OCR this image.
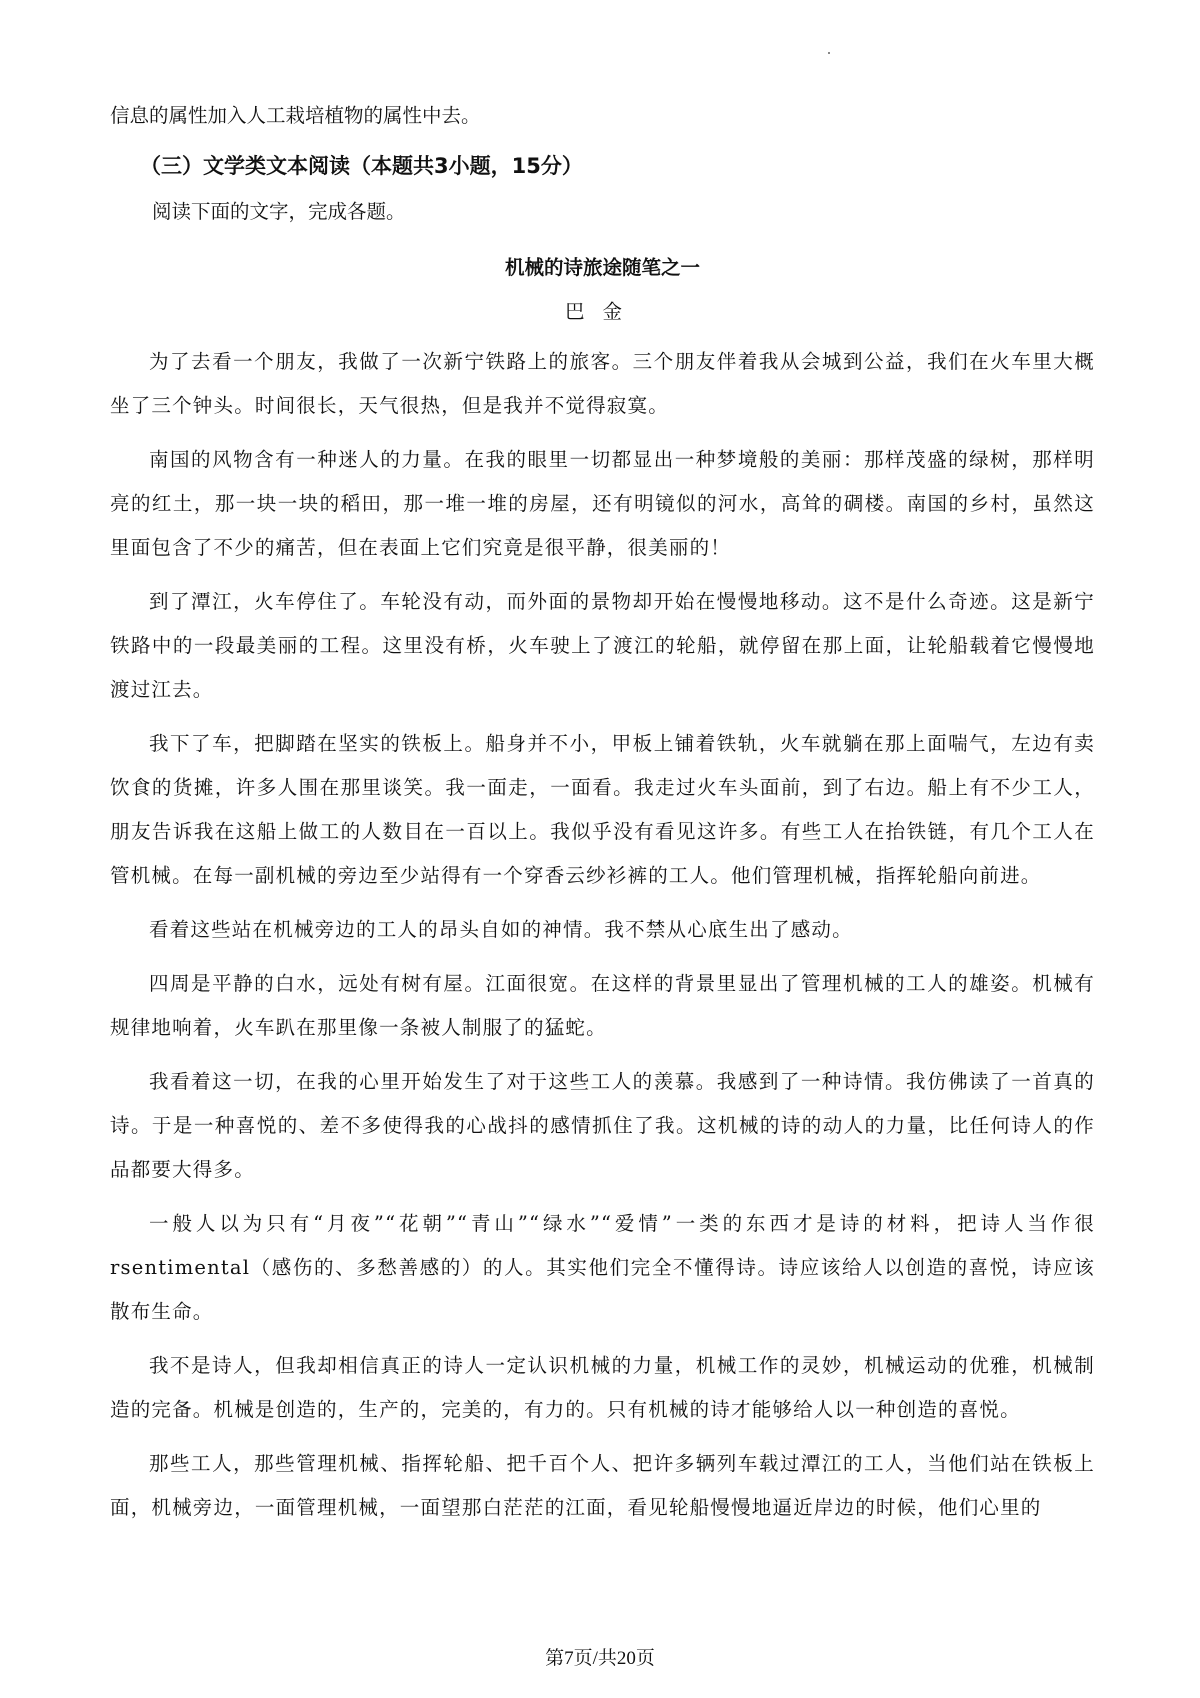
信息的属性加入人工栽培植物的属性中去。

（三）文学类文本阅读（本题共3小题，15分）

阅读下面的文字，完成各题。

机械的诗旅途随笔之一

巴金

为了去看一个朋友，我做了一次新宁铁路上的旅客。三个朋友伴着我从会城到公益，我们在火车里大概坐了三个钟头。时间很长，天气很热，但是我并不觉得寂寞。

南国的风物含有一种迷人的力量。在我的眼里一切都显出一种梦境般的美丽：那样茂盛的绿树，那样明亮的红土，那一块一块的稻田，那一堆一堆的房屋，还有明镜似的河水，高耸的碉楼。南国的乡村，虽然这里面包含了不少的痛苦，但在表面上它们究竟是很平静，很美丽的！

到了潭江，火车停住了。车轮没有动，而外面的景物却开始在慢慢地移动。这不是什么奇迹。这是新宁铁路中的一段最美丽的工程。这里没有桥，火车驶上了渡江的轮船，就停留在那上面，让轮船载着它慢慢地渡过江去。

我下了车，把脚踏在坚实的铁板上。船身并不小，甲板上铺着铁轨，火车就躺在那上面喘气，左边有卖饮食的货摊，许多人围在那里谈笑。我一面走，一面看。我走过火车头面前，到了右边。船上有不少工人，朋友告诉我在这船上做工的人数目在一百以上。我似乎没有看见这许多。有些工人在抬铁链，有几个工人在管机械。在每一副机械的旁边至少站得有一个穿香云纱衫裤的工人。他们管理机械，指挥轮船向前进。

看着这些站在机械旁边的工人的昂头自如的神情。我不禁从心底生出了感动。

四周是平静的白水，远处有树有屋。江面很宽。在这样的背景里显出了管理机械的工人的雄姿。机械有规律地响着，火车趴在那里像一条被人制服了的猛蛇。

我看着这一切，在我的心里开始发生了对于这些工人的羡慕。我感到了一种诗情。我仿佛读了一首真的诗。于是一种喜悦的、差不多使得我的心战抖的感情抓住了我。这机械的诗的动人的力量，比任何诗人的作品都要大得多。

一般人以为只有“月夜”“花朝”“青山”“绿水”“爱情”一类的东西才是诗的材料，把诗人当作很rsentimental（感伤的、多愁善感的）的人。其实他们完全不懂得诗。诗应该给人以创造的喜悦，诗应该散布生命。

我不是诗人，但我却相信真正的诗人一定认识机械的力量，机械工作的灵妙，机械运动的优雅，机械制造的完备。机械是创造的，生产的，完美的，有力的。只有机械的诗才能够给人以一种创造的喜悦。

那些工人，那些管理机械、指挥轮船、把千百个人、把许多辆列车载过潭江的工人，当他们站在铁板上面，机械旁边，一面管理机械，一面望那白茫茫的江面，看见轮船慢慢地逼近岸边的时候，他们心里的

第7页/共20页
